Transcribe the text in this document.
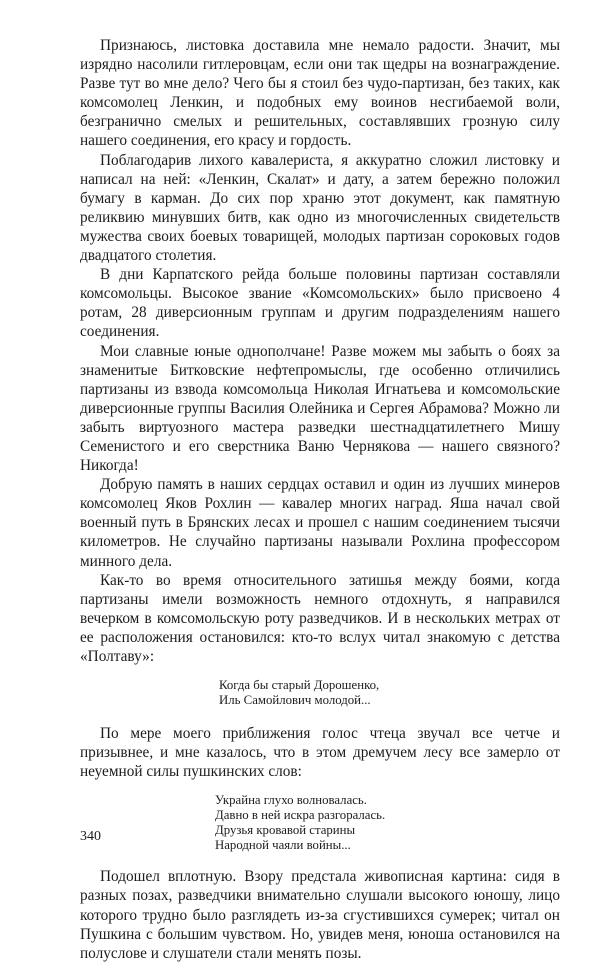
Признаюсь, листовка доставила мне немало радости. Значит, мы изрядно насолили гитлеровцам, если они так щедры на вознаграждение. Разве тут во мне дело? Чего бы я стоил без чудо-партизан, без таких, как комсомолец Ленкин, и подобных ему воинов несгибаемой воли, безгранично смелых и решительных, составлявших грозную силу нашего соединения, его красу и гордость.

Поблагодарив лихого кавалериста, я аккуратно сложил листовку и написал на ней: «Ленкин, Скалат» и дату, а затем бережно положил бумагу в карман. До сих пор храню этот документ, как памятную реликвию минувших битв, как одно из многочисленных свидетельств мужества своих боевых товарищей, молодых партизан сороковых годов двадцатого столетия.

В дни Карпатского рейда больше половины партизан составляли комсомольцы. Высокое звание «Комсомольских» было присвоено 4 ротам, 28 диверсионным группам и другим подразделениям нашего соединения.

Мои славные юные однополчане! Разве можем мы забыть о боях за знаменитые Битковские нефтепромыслы, где особенно отличились партизаны из взвода комсомольца Николая Игнатьева и комсомольские диверсионные группы Василия Олейника и Сергея Абрамова? Можно ли забыть виртуозного мастера разведки шестнадцатилетнего Мишу Семенистого и его сверстника Ваню Чернякова — нашего связного? Никогда!

Добрую память в наших сердцах оставил и один из лучших минеров комсомолец Яков Рохлин — кавалер многих наград. Яша начал свой военный путь в Брянских лесах и прошел с нашим соединением тысячи километров. Не случайно партизаны называли Рохлина профессором минного дела.

Как-то во время относительного затишья между боями, когда партизаны имели возможность немного отдохнуть, я направился вечерком в комсомольскую роту разведчиков. И в нескольких метрах от ее расположения остановился: кто-то вслух читал знакомую с детства «Полтаву»:

Когда бы старый Дорошенко,
Иль Самойлович молодой...

По мере моего приближения голос чтеца звучал все четче и призывнее, и мне казалось, что в этом дремучем лесу все замерло от неуемной силы пушкинских слов:

Украйна глухо волновалась.
Давно в ней искра разгоралась.
Друзья кровавой старины
Народной чаяли войны...

Подошел вплотную. Взору предстала живописная картина: сидя в разных позах, разведчики внимательно слушали высокого юношу, лицо которого трудно было разглядеть из-за сгустившихся сумерек; читал он Пушкина с большим чувством. Но, увидев меня, юноша остановился на полуслове и слушатели стали менять позы.

340
